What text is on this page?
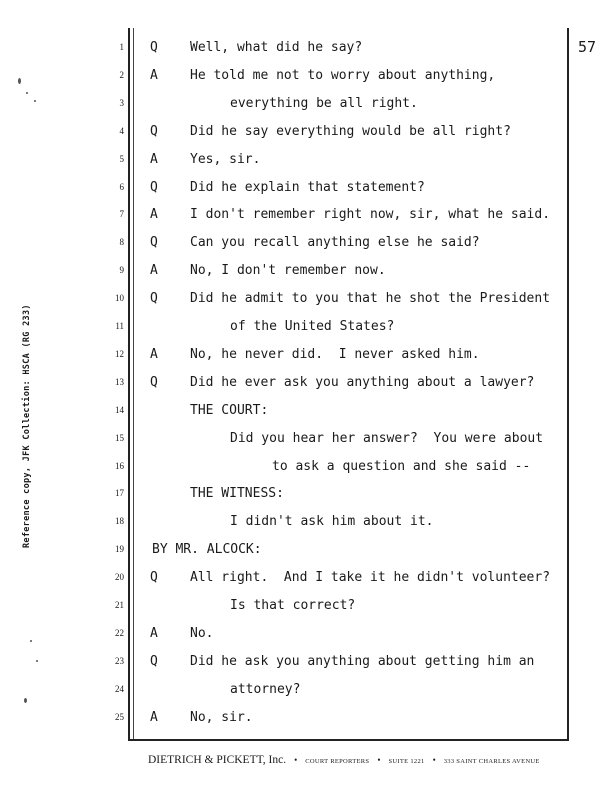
57
Reference copy, JFK Collection: HSCA (RG 233)
1 Q Well, what did he say?
2 A He told me not to worry about anything,
3	everything be all right.
4 Q Did he say everything would be all right?
5 A Yes, sir.
6 Q Did he explain that statement?
7 A I don't remember right now, sir, what he said.
8 Q Can you recall anything else he said?
9 A No, I don't remember now.
10 Q Did he admit to you that he shot the President
11	of the United States?
12 A No, he never did.  I never asked him.
13 Q Did he ever ask you anything about a lawyer?
14	THE COURT:
15	Did you hear her answer?  You were about
16	to ask a question and she said --
17	THE WITNESS:
18	I didn't ask him about it.
19 BY MR. ALCOCK:
20 Q All right.  And I take it he didn't volunteer?
21	Is that correct?
22 A No.
23 Q Did he ask you anything about getting him an
24	attorney?
25 A No, sir.
DIETRICH & PICKETT, Inc. • COURT REPORTERS • SUITE 1221 • 333 SAINT CHARLES AVENUE
